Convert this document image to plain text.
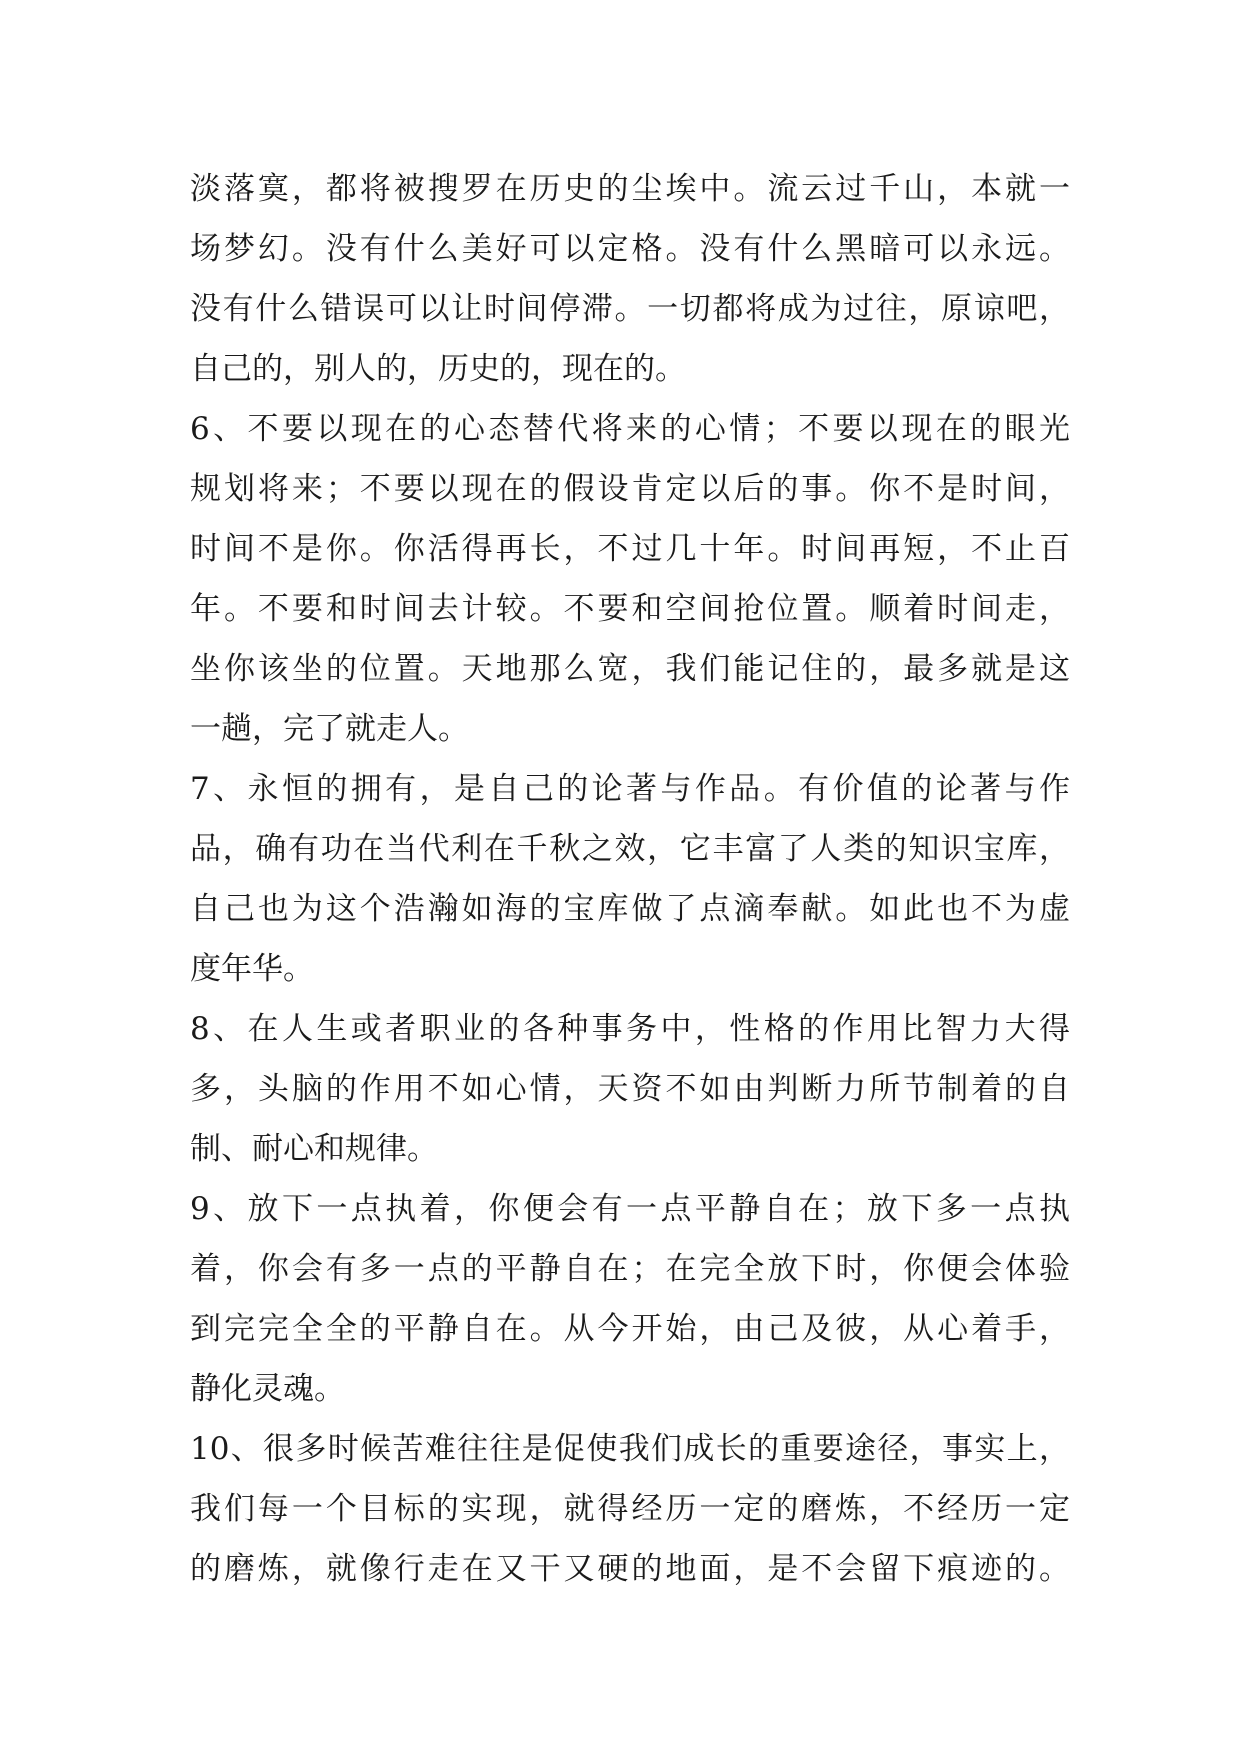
淡落寞，都将被搜罗在历史的尘埃中。流云过千山，本就一
场梦幻。没有什么美好可以定格。没有什么黑暗可以永远。
没有什么错误可以让时间停滞。一切都将成为过往，原谅吧，
自己的，别人的，历史的，现在的。
6、不要以现在的心态替代将来的心情；不要以现在的眼光
规划将来；不要以现在的假设肯定以后的事。你不是时间，
时间不是你。你活得再长，不过几十年。时间再短，不止百
年。不要和时间去计较。不要和空间抢位置。顺着时间走，
坐你该坐的位置。天地那么宽，我们能记住的，最多就是这
一趟，完了就走人。
7、永恒的拥有，是自己的论著与作品。有价值的论著与作
品，确有功在当代利在千秋之效，它丰富了人类的知识宝库，
自己也为这个浩瀚如海的宝库做了点滴奉献。如此也不为虚
度年华。
8、在人生或者职业的各种事务中，性格的作用比智力大得
多，头脑的作用不如心情，天资不如由判断力所节制着的自
制、耐心和规律。
9、放下一点执着，你便会有一点平静自在；放下多一点执
着，你会有多一点的平静自在；在完全放下时，你便会体验
到完完全全的平静自在。从今开始，由己及彼，从心着手，
静化灵魂。
10、很多时候苦难往往是促使我们成长的重要途径，事实上，
我们每一个目标的实现，就得经历一定的磨炼，不经历一定
的磨炼，就像行走在又干又硬的地面，是不会留下痕迹的。
